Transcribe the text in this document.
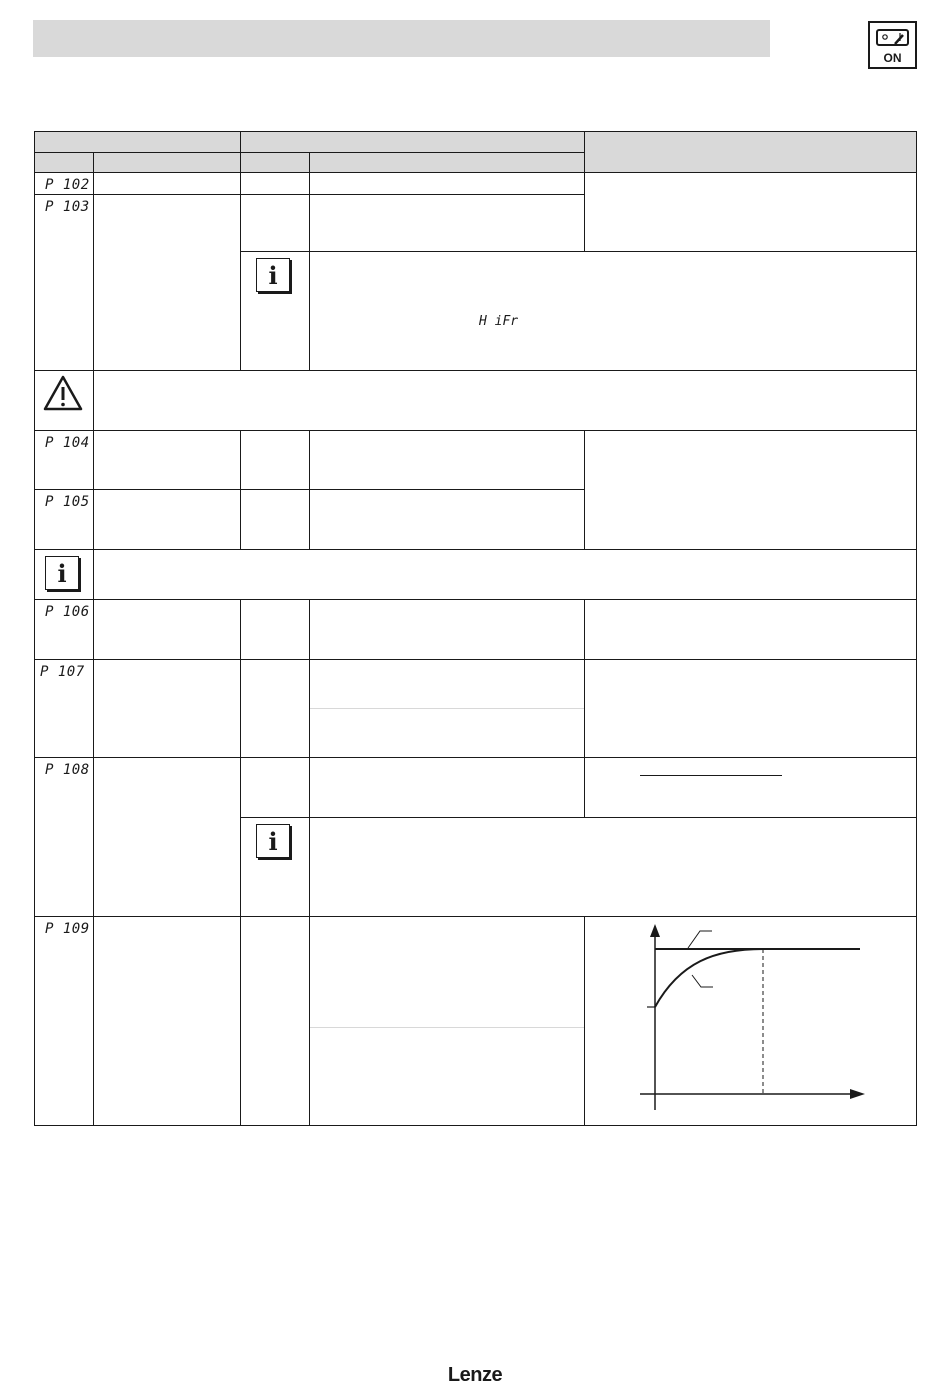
ON

P 102				

P 103				

		i	H iFr	

P 104				

P 105				

i				

P 106				

P 107				

P 108				

		i		

P 109

Lenze
